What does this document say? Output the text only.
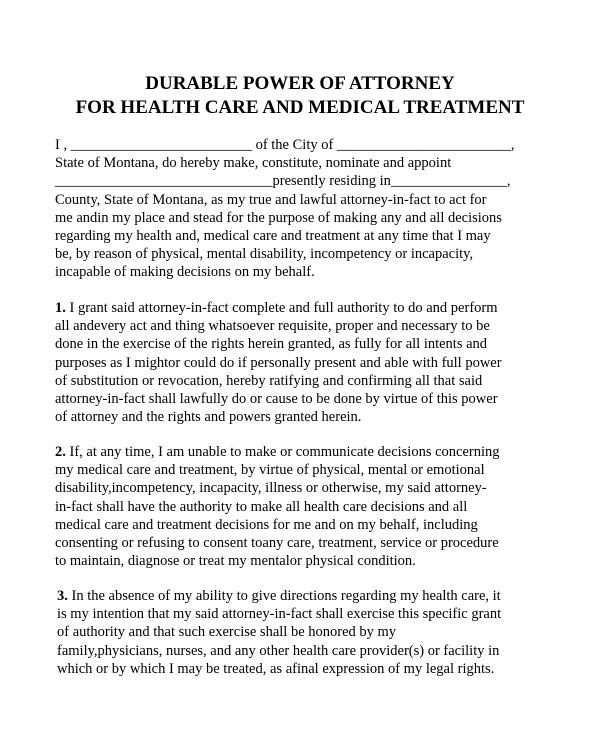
DURABLE POWER OF ATTORNEY
FOR HEALTH CARE AND MEDICAL TREATMENT
I , _________________________ of the City of ________________________,
State of Montana, do hereby make, constitute, nominate and appoint
______________________________presently residing in________________,
County, State of Montana, as my true and lawful attorney-in-fact to act for
me andin my place and stead for the purpose of making any and all decisions
regarding my health and, medical care and treatment at any time that I may
be, by reason of physical, mental disability, incompetency or incapacity,
incapable of making decisions on my behalf.
1. I grant said attorney-in-fact complete and full authority to do and perform
all andevery act and thing whatsoever requisite, proper and necessary to be
done in the exercise of the rights herein granted, as fully for all intents and
purposes as I mightor could do if personally present and able with full power
of substitution or revocation, hereby ratifying and confirming all that said
attorney-in-fact shall lawfully do or cause to be done by virtue of this power
of attorney and the rights and powers granted herein.
2. If, at any time, I am unable to make or communicate decisions concerning
my medical care and treatment, by virtue of physical, mental or emotional
disability,incompetency, incapacity, illness or otherwise, my said attorney-
in-fact shall have the authority to make all health care decisions and all
medical care and treatment decisions for me and on my behalf, including
consenting or refusing to consent toany care, treatment, service or procedure
to maintain, diagnose or treat my mentalor physical condition.
3. In the absence of my ability to give directions regarding my health care, it
is my intention that my said attorney-in-fact shall exercise this specific grant
of authority and that such exercise shall be honored by my
family,physicians, nurses, and any other health care provider(s) or facility in
which or by which I may be treated, as afinal expression of my legal rights.
